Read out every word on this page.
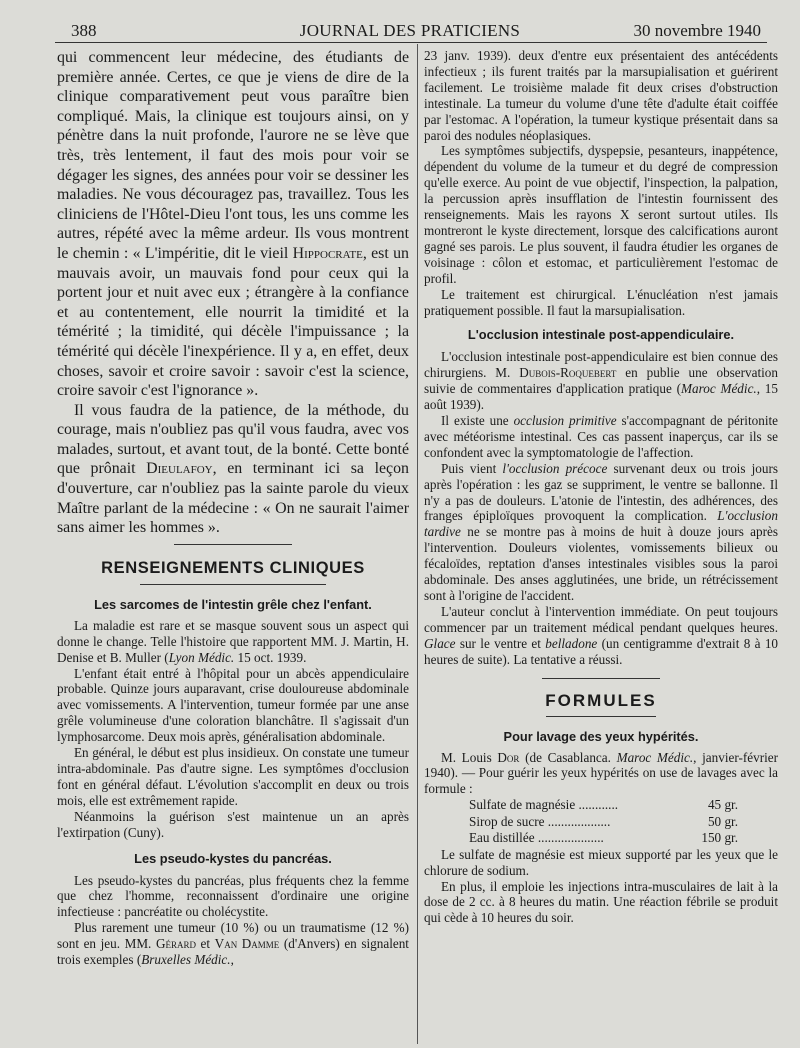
388	JOURNAL DES PRATICIENS	30 novembre 1940

qui commencent leur médecine, des étudiants de première année. Certes, ce que je viens de dire de la clinique comparativement peut vous paraître bien compliqué. Mais, la clinique est toujours ainsi, on y pénètre dans la nuit profonde, l'aurore ne se lève que très, très lentement, il faut des mois pour voir se dégager les signes, des années pour voir se dessiner les maladies. Ne vous découragez pas, travaillez. Tous les cliniciens de l'Hôtel-Dieu l'ont tous, les uns comme les autres, répété avec la même ardeur. Ils vous montrent le chemin : « L'impéritie, dit le vieil Hippocrate, est un mauvais avoir, un mauvais fond pour ceux qui la portent jour et nuit avec eux ; étrangère à la confiance et au contentement, elle nourrit la timidité et la témérité ; la timidité, qui décèle l'impuissance ; la témérité qui décèle l'inexpérience. Il y a, en effet, deux choses, savoir et croire savoir : savoir c'est la science, croire savoir c'est l'ignorance ».

Il vous faudra de la patience, de la méthode, du courage, mais n'oubliez pas qu'il vous faudra, avec vos malades, surtout, et avant tout, de la bonté. Cette bonté que prônait Dieulafoy, en terminant ici sa leçon d'ouverture, car n'oubliez pas la sainte parole du vieux Maître parlant de la médecine : « On ne saurait l'aimer sans aimer les hommes ».

RENSEIGNEMENTS CLINIQUES
Les sarcomes de l'intestin grêle chez l'enfant.

La maladie est rare et se masque souvent sous un aspect qui donne le change. Telle l'histoire que rapportent MM. J. Martin, H. Denise et B. Muller (Lyon Médic. 15 oct. 1939.

L'enfant était entré à l'hôpital pour un abcès appendiculaire probable. Quinze jours auparavant, crise douloureuse abdominale avec vomissements. A l'intervention, tumeur formée par une anse grêle volumineuse d'une coloration blanchâtre. Il s'agissait d'un lymphosarcome. Deux mois après, généralisation abdominale.

En général, le début est plus insidieux. On constate une tumeur intra-abdominale. Pas d'autre signe. Les symptômes d'occlusion font en général défaut. L'évolution s'accomplit en deux ou trois mois, elle est extrêmement rapide.

Néanmoins la guérison s'est maintenue un an après l'extirpation (Cuny).

Les pseudo-kystes du pancréas.

Les pseudo-kystes du pancréas, plus fréquents chez la femme que chez l'homme, reconnaissent d'ordinaire une origine infectieuse : pancréatite ou cholécystite.

Plus rarement une tumeur (10 %) ou un traumatisme (12 %) sont en jeu. MM. Gérard et Van Damme (d'Anvers) en signalent trois exemples (Bruxelles Médic.,

23 janv. 1939). deux d'entre eux présentaient des antécédents infectieux ; ils furent traités par la marsupialisation et guérirent facilement. Le troisième malade fit deux crises d'obstruction intestinale. La tumeur du volume d'une tête d'adulte était coiffée par l'estomac. A l'opération, la tumeur kystique présentait dans sa paroi des nodules néoplasiques.

Les symptômes subjectifs, dyspepsie, pesanteurs, inappétence, dépendent du volume de la tumeur et du degré de compression qu'elle exerce. Au point de vue objectif, l'inspection, la palpation, la percussion après insufflation de l'intestin fournissent des renseignements. Mais les rayons X seront surtout utiles. Ils montreront le kyste directement, lorsque des calcifications auront gagné ses parois. Le plus souvent, il faudra étudier les organes de voisinage : côlon et estomac, et particulièrement l'estomac de profil.

Le traitement est chirurgical. L'énucléation n'est jamais pratiquement possible. Il faut la marsupialisation.

L'occlusion intestinale post-appendiculaire.

L'occlusion intestinale post-appendiculaire est bien connue des chirurgiens. M. Dubois-Roquebert en publie une observation suivie de commentaires d'application pratique (Maroc Médic., 15 août 1939).

Il existe une occlusion primitive s'accompagnant de péritonite avec météorisme intestinal. Ces cas passent inaperçus, car ils se confondent avec la symptomatologie de l'affection.

Puis vient l'occlusion précoce survenant deux ou trois jours après l'opération : les gaz se suppriment, le ventre se ballonne. Il n'y a pas de douleurs. L'atonie de l'intestin, des adhérences, des franges épiploïques provoquent la complication. L'occlusion tardive ne se montre pas à moins de huit à douze jours après l'intervention. Douleurs violentes, vomissements bilieux ou fécaloïdes, reptation d'anses intestinales visibles sous la paroi abdominale. Des anses agglutinées, une bride, un rétrécissement sont à l'origine de l'accident.

L'auteur conclut à l'intervention immédiate. On peut toujours commencer par un traitement médical pendant quelques heures. Glace sur le ventre et belladone (un centigramme d'extrait 8 à 10 heures de suite). La tentative a réussi.

FORMULES
Pour lavage des yeux hypérités.

M. Louis Dor (de Casablanca. Maroc Médic., janvier-février 1940). — Pour guérir les yeux hypérités on use de lavages avec la formule :

Sulfate de magnésie ............	45 gr.
Sirop de sucre ...................	50 gr.
Eau distillée ....................	150 gr.

Le sulfate de magnésie est mieux supporté par les yeux que le chlorure de sodium.

En plus, il emploie les injections intra-musculaires de lait à la dose de 2 cc. à 8 heures du matin. Une réaction fébrile se produit qui cède à 10 heures du soir.
